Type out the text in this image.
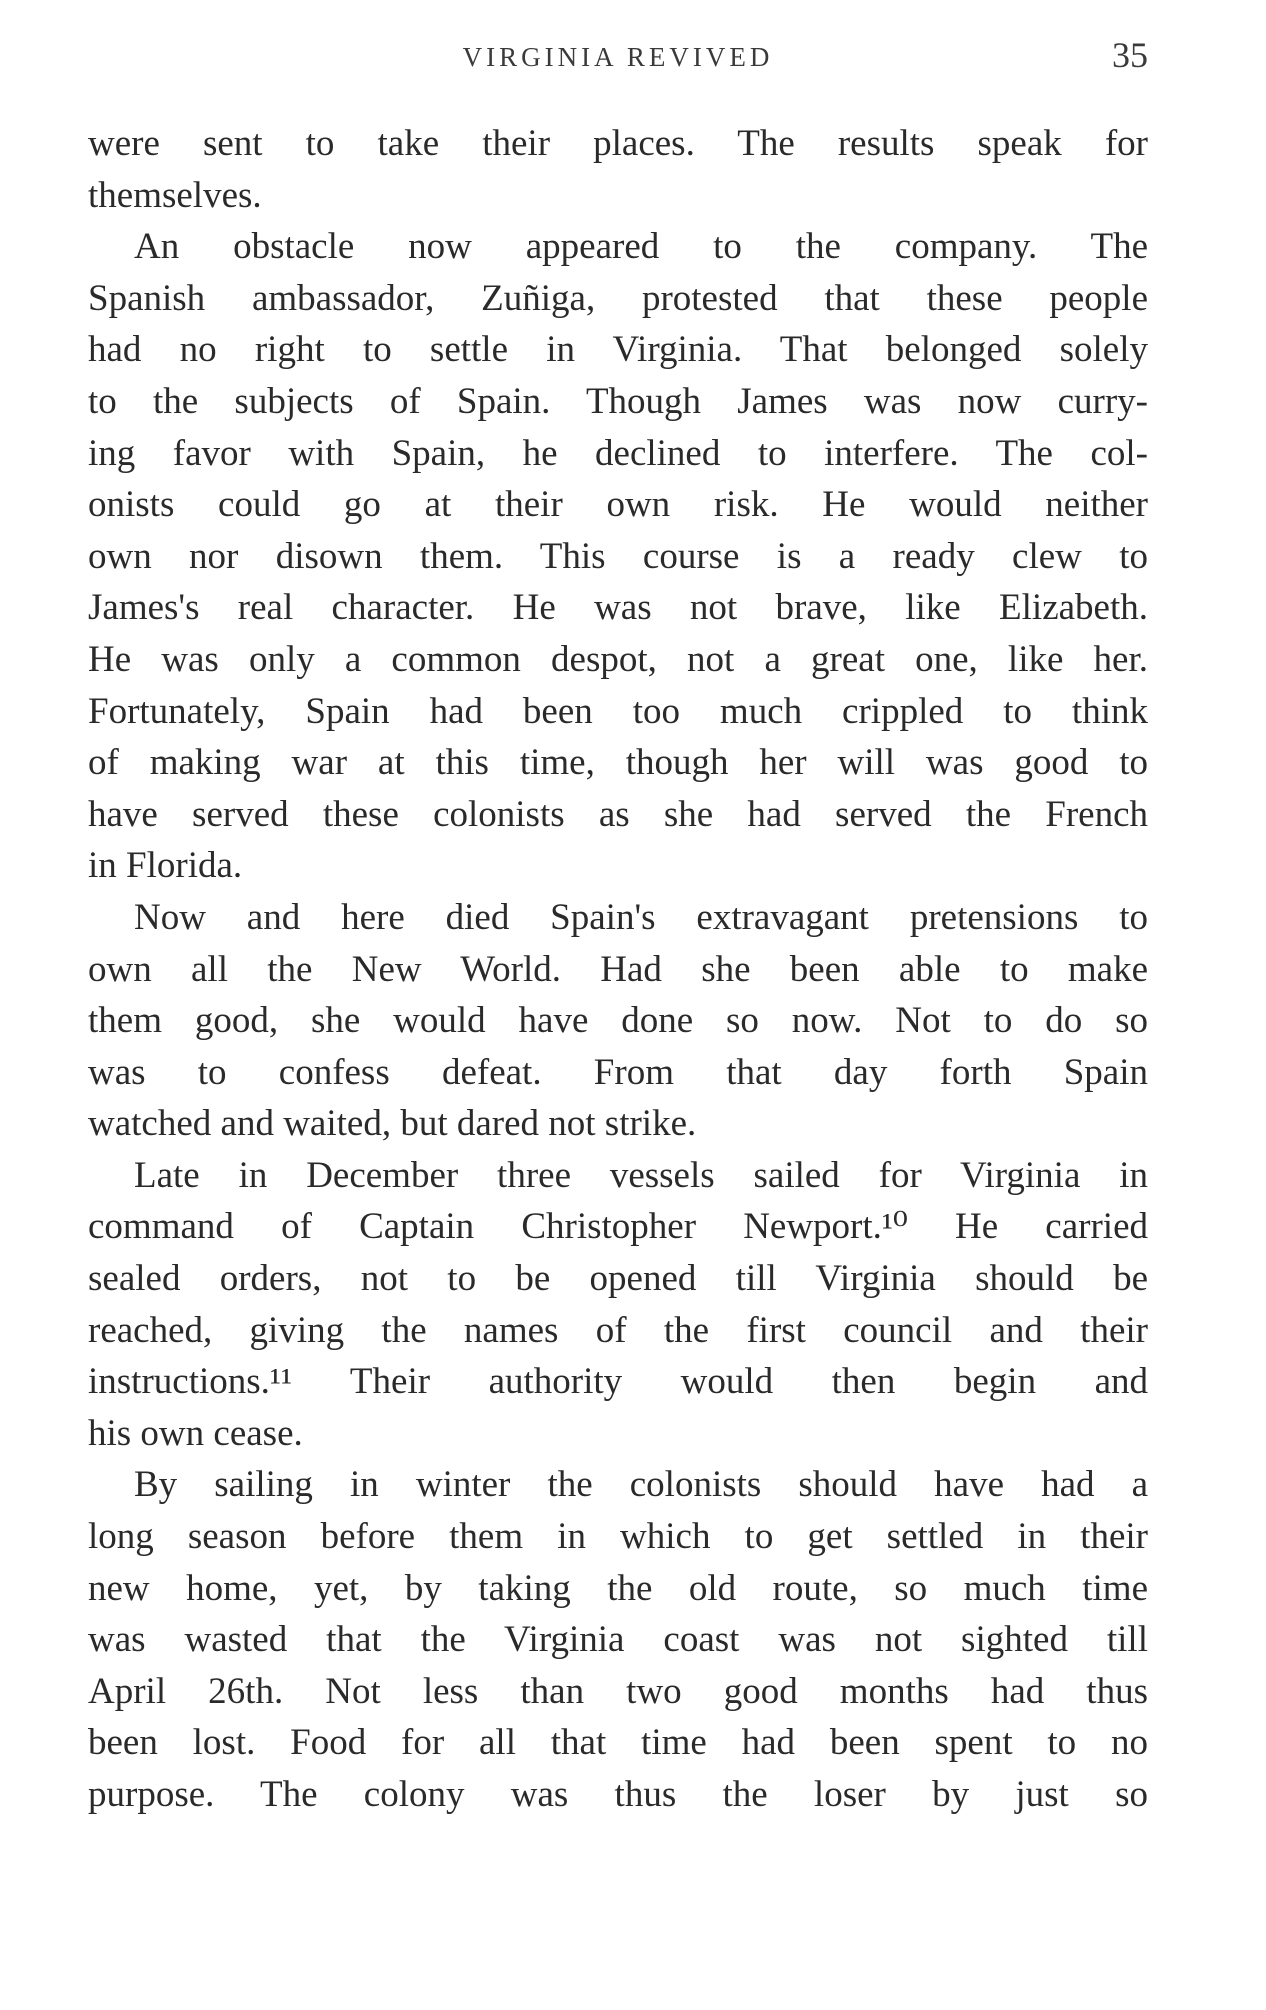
VIRGINIA REVIVED	35
were sent to take their places. The results speak for
themselves.
An obstacle now appeared to the company. The
Spanish ambassador, Zuñiga, protested that these people
had no right to settle in Virginia. That belonged solely
to the subjects of Spain. Though James was now curry-
ing favor with Spain, he declined to interfere. The col-
onists could go at their own risk. He would neither
own nor disown them. This course is a ready clew to
James's real character. He was not brave, like Elizabeth.
He was only a common despot, not a great one, like her.
Fortunately, Spain had been too much crippled to think
of making war at this time, though her will was good to
have served these colonists as she had served the French
in Florida.
Now and here died Spain's extravagant pretensions to
own all the New World. Had she been able to make
them good, she would have done so now. Not to do so
was to confess defeat. From that day forth Spain
watched and waited, but dared not strike.
Late in December three vessels sailed for Virginia in
command of Captain Christopher Newport.¹⁰ He carried
sealed orders, not to be opened till Virginia should be
reached, giving the names of the first council and their
instructions.¹¹ Their authority would then begin and
his own cease.
By sailing in winter the colonists should have had a
long season before them in which to get settled in their
new home, yet, by taking the old route, so much time
was wasted that the Virginia coast was not sighted till
April 26th. Not less than two good months had thus
been lost. Food for all that time had been spent to no
purpose. The colony was thus the loser by just so
